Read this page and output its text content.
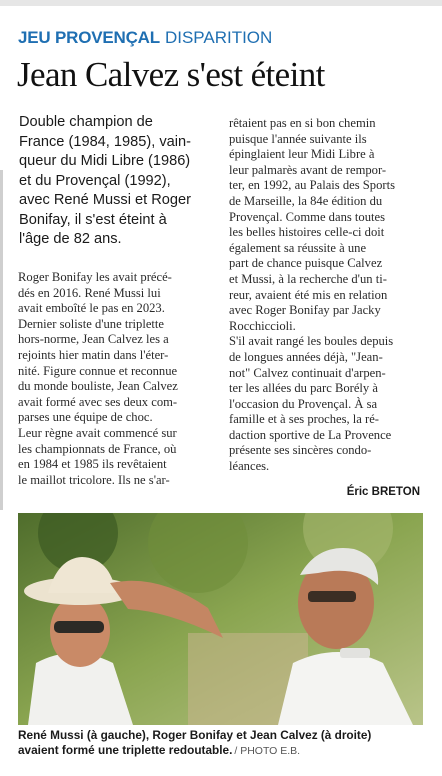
JEU PROVENÇAL DISPARITION
Jean Calvez s'est éteint
Double champion de
France (1984, 1985), vain-
queur du Midi Libre (1986)
et du Provençal (1992),
avec René Mussi et Roger
Bonifay, il s'est éteint à
l'âge de 82 ans.
Roger Bonifay les avait précé-
dés en 2016. René Mussi lui
avait emboîté le pas en 2023.
Dernier soliste d'une triplette
hors-norme, Jean Calvez les a
rejoints hier matin dans l'éter-
nité. Figure connue et reconnue
du monde bouliste, Jean Calvez
avait formé avec ses deux com-
parses une équipe de choc.
Leur règne avait commencé sur
les championnats de France, où
en 1984 et 1985 ils revêtaient
le maillot tricolore. Ils ne s'ar-
rêtaient pas en si bon chemin
puisque l'année suivante ils
épinglaient leur Midi Libre à
leur palmarès avant de rempor-
ter, en 1992, au Palais des Sports
de Marseille, la 84e édition du
Provençal. Comme dans toutes
les belles histoires celle-ci doit
également sa réussite à une
part de chance puisque Calvez
et Mussi, à la recherche d'un ti-
reur, avaient été mis en relation
avec Roger Bonifay par Jacky
Rocchiccioli.
S'il avait rangé les boules depuis
de longues années déjà, "Jean-
not" Calvez continuait d'arpen-
ter les allées du parc Borély à
l'occasion du Provençal. À sa
famille et à ses proches, la ré-
daction sportive de La Provence
présente ses sincères condo-
léances.
Éric BRETON
René Mussi (à gauche), Roger Bonifay et Jean Calvez (à droite)
avaient formé une triplette redoutable. / PHOTO E.B.
